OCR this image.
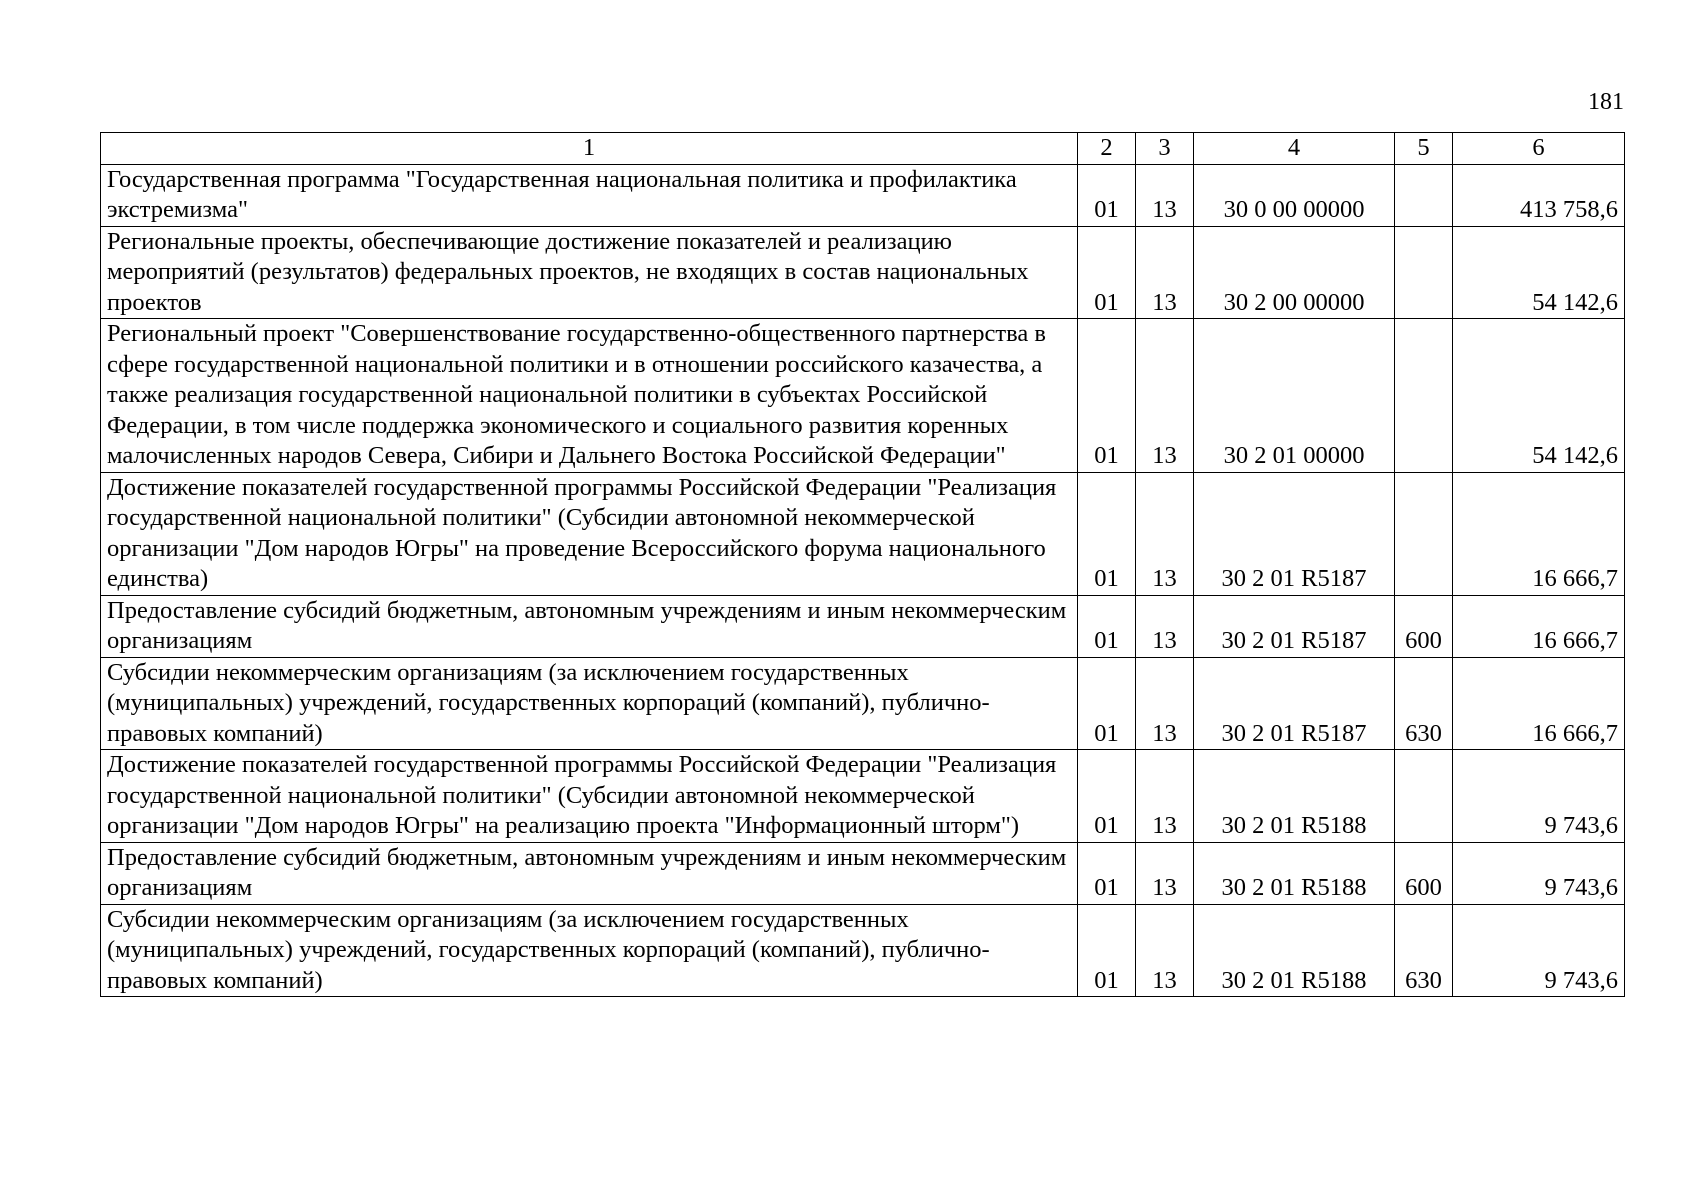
181
1	2	3	4	5	6
Государственная программа "Государственная национальная политика и профилактика экстремизма"	01	13	30 0 00 00000		413 758,6
Региональные проекты, обеспечивающие достижение показателей и реализацию мероприятий (результатов) федеральных проектов, не входящих в состав национальных проектов	01	13	30 2 00 00000		54 142,6
Региональный проект "Совершенствование государственно-общественного партнерства в сфере государственной национальной политики и в отношении российского казачества, а также реализация государственной национальной политики в субъектах Российской Федерации, в том числе поддержка экономического и социального развития коренных малочисленных народов Севера, Сибири и Дальнего Востока Российской Федерации"	01	13	30 2 01 00000		54 142,6
Достижение показателей государственной программы Российской Федерации "Реализация государственной национальной политики" (Субсидии автономной некоммерческой организации "Дом народов Югры" на проведение Всероссийского форума национального единства)	01	13	30 2 01 R5187		16 666,7
Предоставление субсидий бюджетным, автономным учреждениям и иным некоммерческим организациям	01	13	30 2 01 R5187	600	16 666,7
Субсидии некоммерческим организациям (за исключением государственных (муниципальных) учреждений, государственных корпораций (компаний), публично-правовых компаний)	01	13	30 2 01 R5187	630	16 666,7
Достижение показателей государственной программы Российской Федерации "Реализация государственной национальной политики" (Субсидии автономной некоммерческой организации "Дом народов Югры" на реализацию проекта "Информационный шторм")	01	13	30 2 01 R5188		9 743,6
Предоставление субсидий бюджетным, автономным учреждениям и иным некоммерческим организациям	01	13	30 2 01 R5188	600	9 743,6
Субсидии некоммерческим организациям (за исключением государственных (муниципальных) учреждений, государственных корпораций (компаний), публично-правовых компаний)	01	13	30 2 01 R5188	630	9 743,6
